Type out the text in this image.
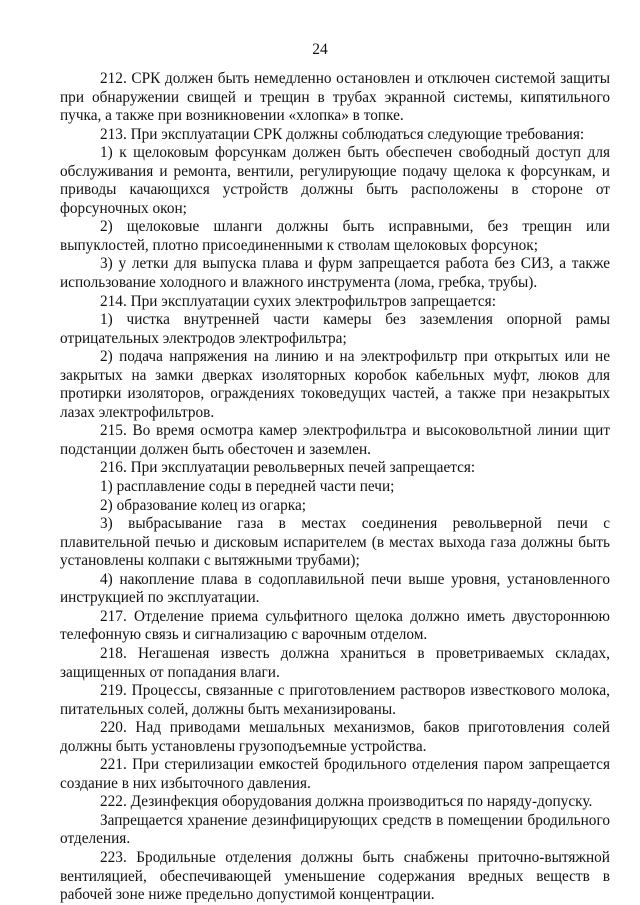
24

212. СРК должен быть немедленно остановлен и отключен системой защиты при обнаружении свищей и трещин в трубах экранной системы, кипятильного пучка, а также при возникновении «хлопка» в топке.

213. При эксплуатации СРК должны соблюдаться следующие требования:

1) к щелоковым форсункам должен быть обеспечен свободный доступ для обслуживания и ремонта, вентили, регулирующие подачу щелока к форсункам, и приводы качающихся устройств должны быть расположены в стороне от форсуночных окон;

2) щелоковые шланги должны быть исправными, без трещин или выпуклостей, плотно присоединенными к стволам щелоковых форсунок;

3) у летки для выпуска плава и фурм запрещается работа без СИЗ, а также использование холодного и влажного инструмента (лома, гребка, трубы).

214. При эксплуатации сухих электрофильтров запрещается:

1) чистка внутренней части камеры без заземления опорной рамы отрицательных электродов электрофильтра;

2) подача напряжения на линию и на электрофильтр при открытых или не закрытых на замки дверках изоляторных коробок кабельных муфт, люков для протирки изоляторов, ограждениях токоведущих частей, а также при незакрытых лазах электрофильтров.

215. Во время осмотра камер электрофильтра и высоковольтной линии щит подстанции должен быть обесточен и заземлен.

216. При эксплуатации револьверных печей запрещается:

1) расплавление соды в передней части печи;

2) образование колец из огарка;

3) выбрасывание газа в местах соединения револьверной печи с плавительной печью и дисковым испарителем (в местах выхода газа должны быть установлены колпаки с вытяжными трубами);

4) накопление плава в содоплавильной печи выше уровня, установленного инструкцией по эксплуатации.

217. Отделение приема сульфитного щелока должно иметь двустороннюю телефонную связь и сигнализацию с варочным отделом.

218. Негашеная известь должна храниться в проветриваемых складах, защищенных от попадания влаги.

219. Процессы, связанные с приготовлением растворов известкового молока, питательных солей, должны быть механизированы.

220. Над приводами мешальных механизмов, баков приготовления солей должны быть установлены грузоподъемные устройства.

221. При стерилизации емкостей бродильного отделения паром запрещается создание в них избыточного давления.

222. Дезинфекция оборудования должна производиться по наряду-допуску.

Запрещается хранение дезинфицирующих средств в помещении бродильного отделения.

223. Бродильные отделения должны быть снабжены приточно-вытяжной вентиляцией, обеспечивающей уменьшение содержания вредных веществ в рабочей зоне ниже предельно допустимой концентрации.
